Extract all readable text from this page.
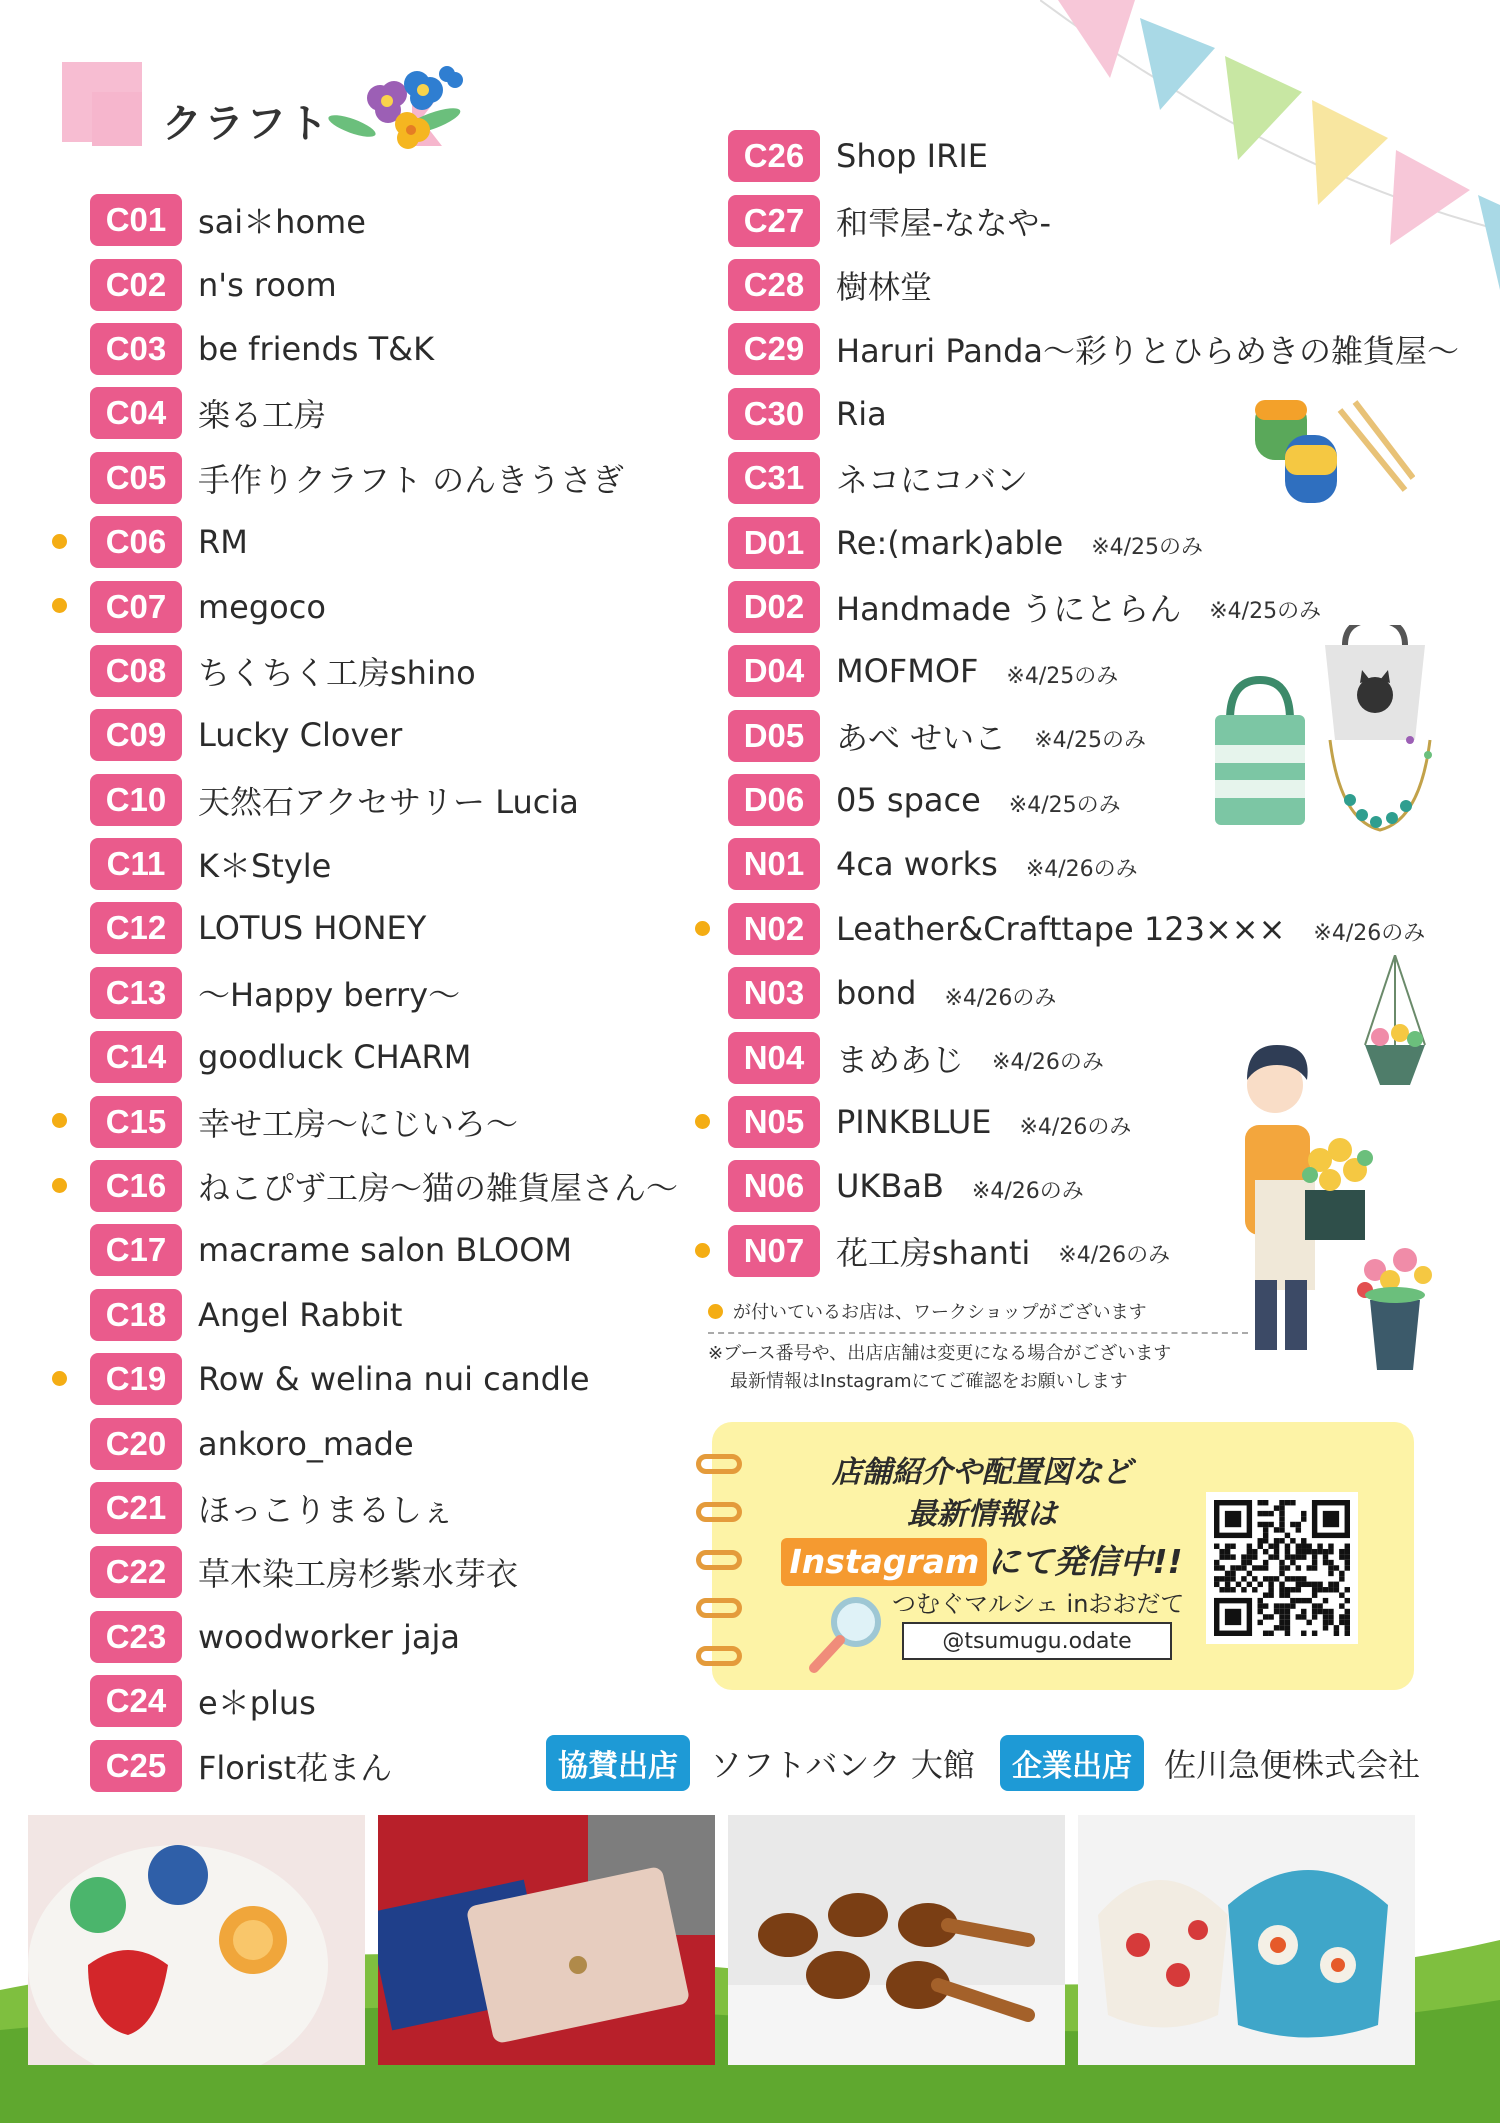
クラフト
C01 sai＊home
C02 n's room
C03 be friends T&K
C04 楽る工房
C05 手作りクラフト のんきうさぎ
C06 RM
C07 megoco
C08 ちくちく工房shino
C09 Lucky Clover
C10 天然石アクセサリー Lucia
C11	K＊Style
C12 LOTUS HONEY
C13 〜Happy berry〜
C14 goodluck CHARM
C15 幸せ工房〜にじいろ〜
C16 ねこぴず工房〜猫の雑貨屋さん〜
C17 macrame salon BLOOM
C18 Angel Rabbit
C19 Row & welina nui candle
C20 ankoro_made
C21 ほっこりまるしぇ
C22 草木染工房杉紫水芽衣
C23 woodworker jaja
C24 e＊plus
C25 Florist花まん
C26 Shop IRIE
C27 和雫屋-ななや-
C28 樹林堂
C29 Haruri Panda〜彩りとひらめきの雑貨屋〜
C30 Ria
C31 ネコにコバン
D01 Re:(mark)able ※4/25のみ
D02 Handmade うにとらん ※4/25のみ
D04 MOFMOF ※4/25のみ
D05 あべ せいこ ※4/25のみ
D06 05 space ※4/25のみ
N01 4ca works ※4/26のみ
N02 Leather&Crafttape 123××× ※4/26のみ
N03 bond ※4/26のみ
N04 まめあじ ※4/26のみ
N05 PINKBLUE ※4/26のみ
N06 UKBaB ※4/26のみ
N07 花工房shanti ※4/26のみ
が付いているお店は、ワークショップがございます
※ブース番号や、出店店舗は変更になる場合がございます
最新情報はInstagramにてご確認をお願いします
店舗紹介や配置図など
最新情報は
Instagram にて発信中!!
つむぐマルシェ inおおだて
@tsumugu.odate
協賛出店	ソフトバンク 大館	企業出店	佐川急便株式会社
